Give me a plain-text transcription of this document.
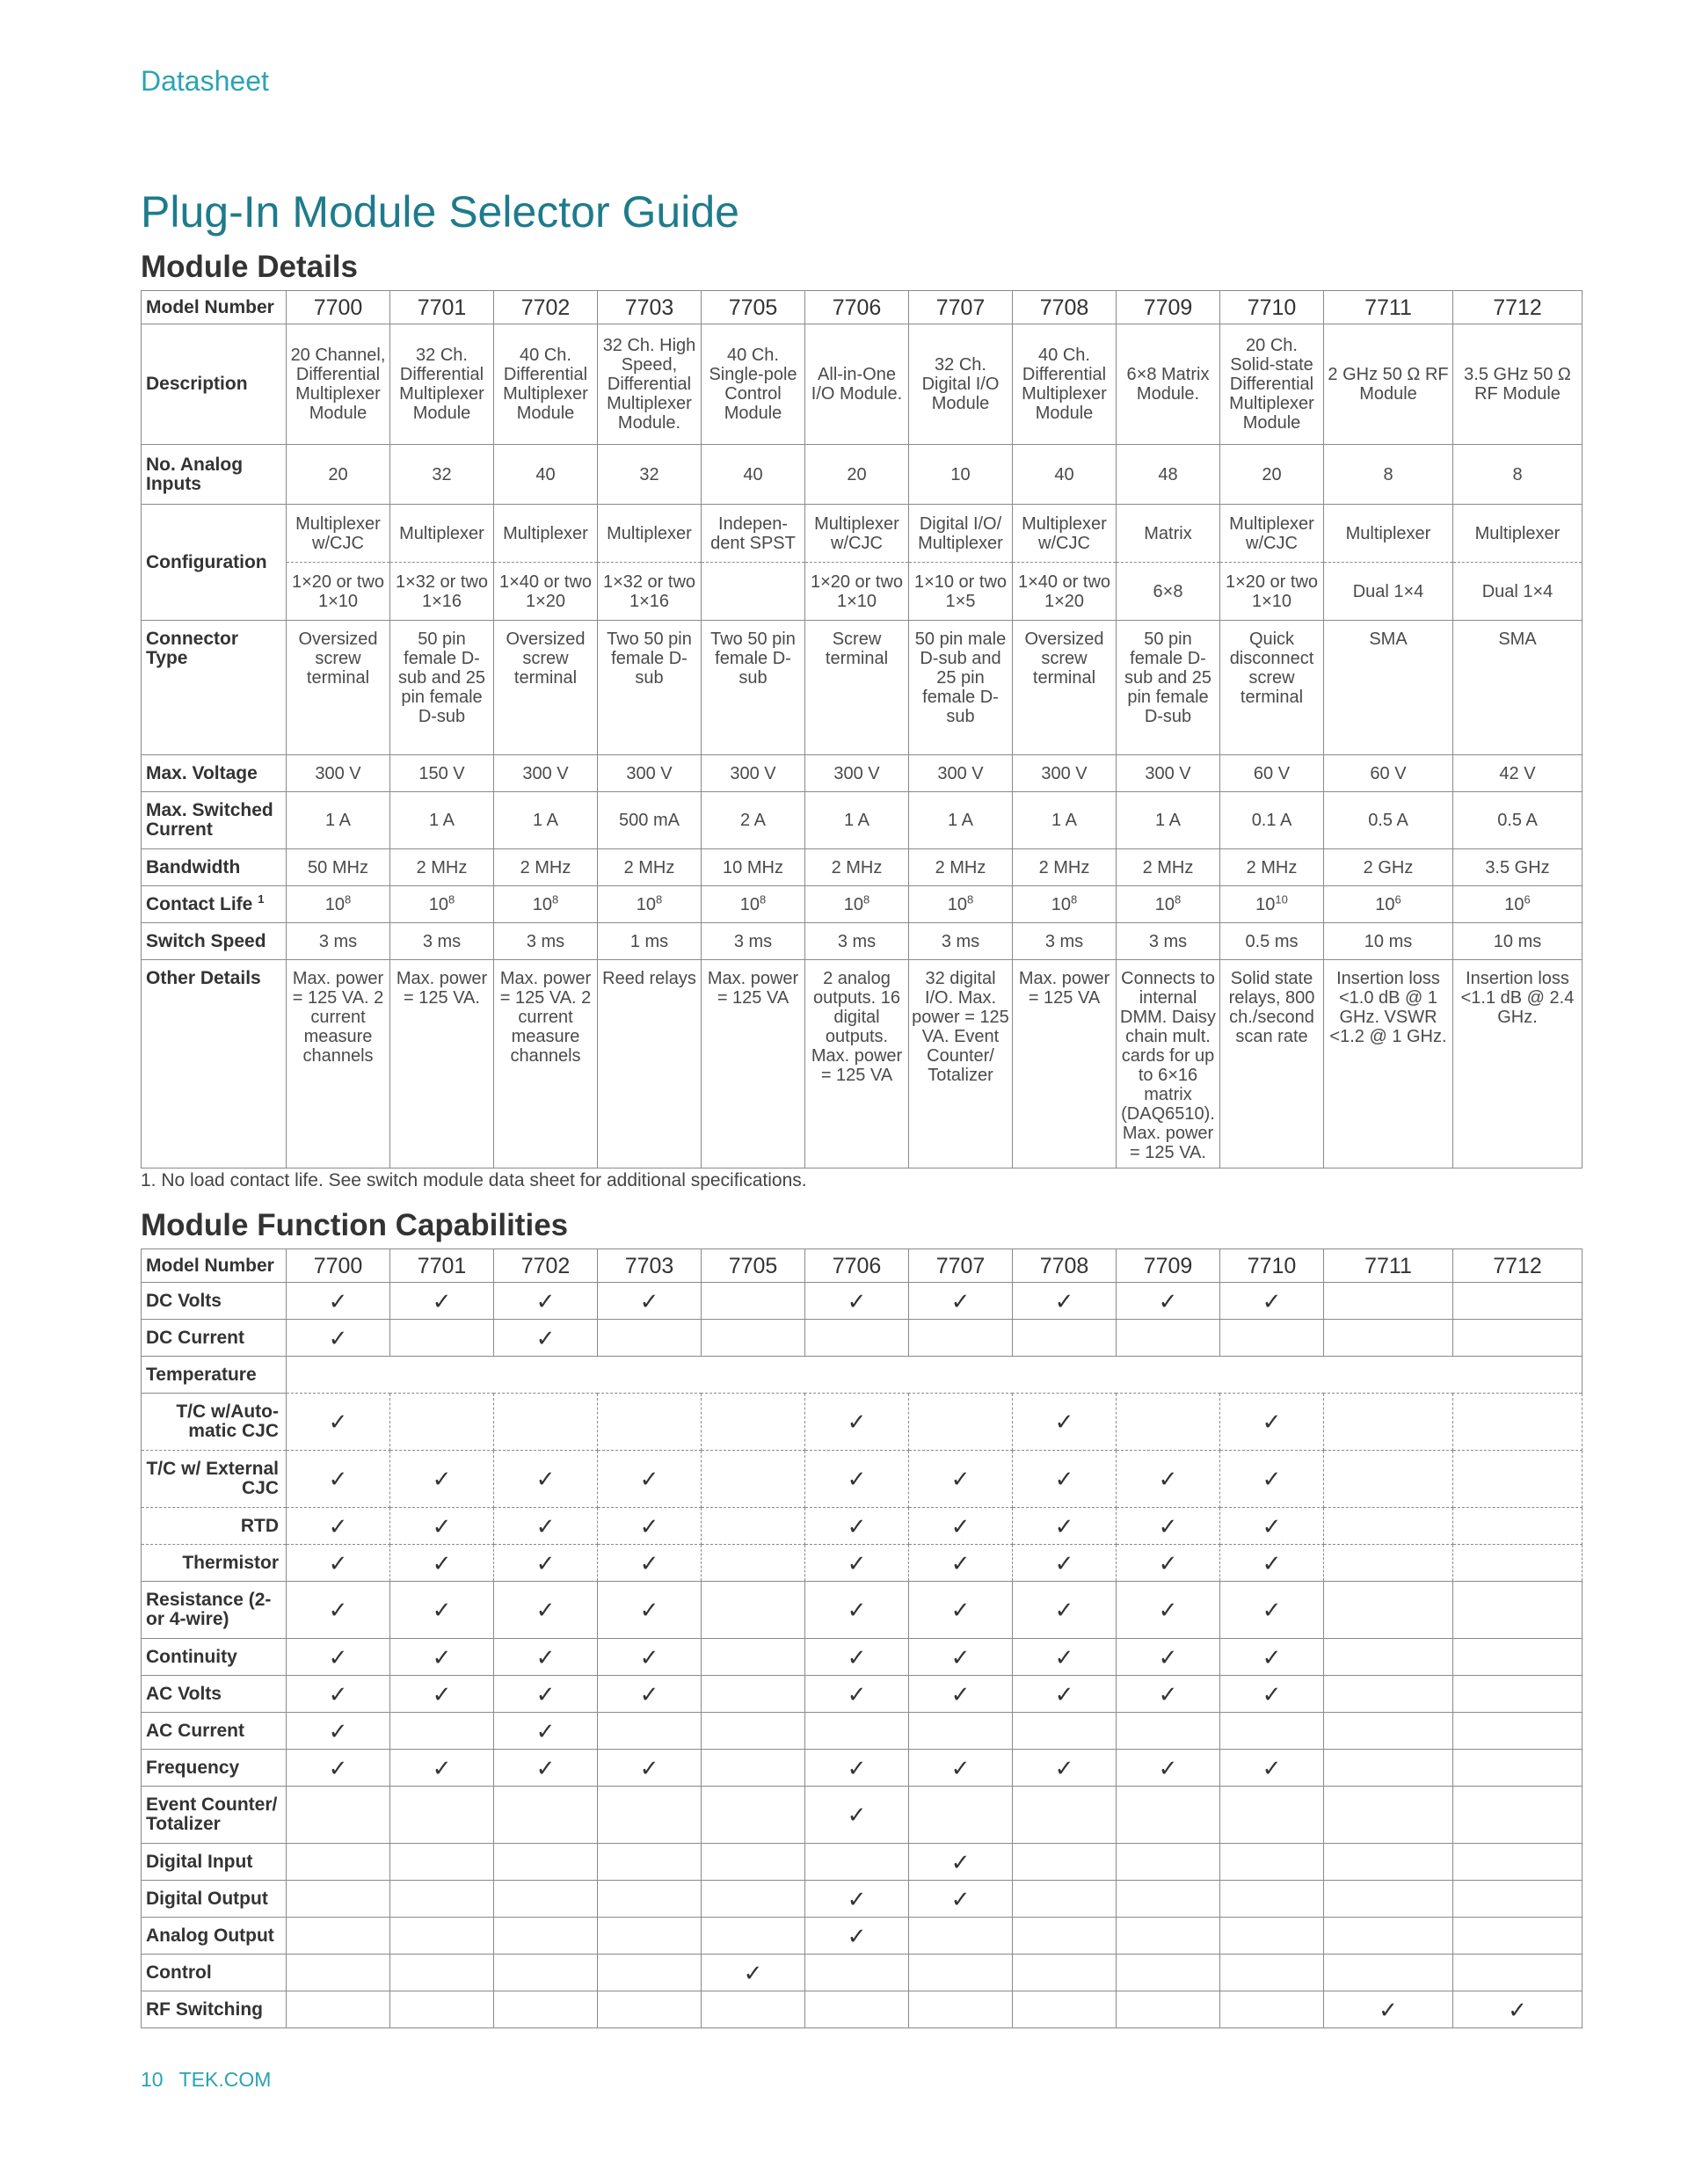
Datasheet
Plug-In Module Selector Guide
Module Details
Model Number	7700	7701	7702	7703	7705	7706	7707	7708	7709	7710	7711	7712
Description	20 Channel, Differential Multiplexer Module	32 Ch. Differential Multiplexer Module	40 Ch. Differential Multiplexer Module	32 Ch. High Speed, Differential Multiplexer Module.	40 Ch. Single-pole Control Module	All-in-One I/O Module.	32 Ch. Digital I/O Module	40 Ch. Differential Multiplexer Module	6×8 Matrix Module.	20 Ch. Solid-state Differential Multiplexer Module	2 GHz 50 Ω RF Module	3.5 GHz 50 Ω RF Module
No. Analog Inputs	20	32	40	32	40	20	10	40	48	20	8	8
Configuration	Multiplexer w/CJC	Multiplexer	Multiplexer	Multiplexer	Indepen-dent SPST	Multiplexer w/CJC	Digital I/O/ Multiplexer	Multiplexer w/CJC	Matrix	Multiplexer w/CJC	Multiplexer	Multiplexer
	1×20 or two 1×10	1×32 or two 1×16	1×40 or two 1×20	1×32 or two 1×16		1×20 or two 1×10	1×10 or two 1×5	1×40 or two 1×20	6×8	1×20 or two 1×10	Dual 1×4	Dual 1×4
Connector Type	Oversized screw terminal	50 pin female D-sub and 25 pin female D-sub	Oversized screw terminal	Two 50 pin female D-sub	Two 50 pin female D-sub	Screw terminal	50 pin male D-sub and 25 pin female D-sub	Oversized screw terminal	50 pin female D-sub and 25 pin female D-sub	Quick disconnect screw terminal	SMA	SMA
Max. Voltage	300 V	150 V	300 V	300 V	300 V	300 V	300 V	300 V	300 V	60 V	60 V	42 V
Max. Switched Current	1 A	1 A	1 A	500 mA	2 A	1 A	1 A	1 A	1 A	0.1 A	0.5 A	0.5 A
Bandwidth	50 MHz	2 MHz	2 MHz	2 MHz	10 MHz	2 MHz	2 MHz	2 MHz	2 MHz	2 MHz	2 GHz	3.5 GHz
Contact Life $^1$	$10^8$	$10^8$	$10^8$	$10^8$	$10^8$	$10^8$	$10^8$	$10^8$	$10^8$	$10^{10}$	$10^6$	$10^6$
Switch Speed	3 ms	3 ms	3 ms	1 ms	3 ms	3 ms	3 ms	3 ms	3 ms	0.5 ms	10 ms	10 ms
Other Details	Max. power = 125 VA. 2 current measure channels	Max. power = 125 VA.	Max. power = 125 VA. 2 current measure channels	Reed relays	Max. power = 125 VA	2 analog outputs. 16 digital outputs. Max. power = 125 VA	32 digital I/O. Max. power = 125 VA. Event Counter/ Totalizer	Max. power = 125 VA	Connects to internal DMM. Daisy chain mult. cards for up to 6×16 matrix (DAQ6510). Max. power = 125 VA.	Solid state relays, 800 ch./second scan rate	Insertion loss <1.0 dB @ 1 GHz. VSWR <1.2 @ 1 GHz.	Insertion loss <1.1 dB @ 2.4 GHz.
1. No load contact life. See switch module data sheet for additional specifications.
Module Function Capabilities
Model Number	7700	7701	7702	7703	7705	7706	7707	7708	7709	7710	7711	7712
DC Volts	✓	✓	✓	✓		✓	✓	✓	✓	✓		
DC Current	✓		✓									
Temperature												
T/C w/Auto-matic CJC	✓					✓		✓		✓		
T/C w/ External CJC	✓	✓	✓	✓		✓	✓	✓	✓	✓		
RTD	✓	✓	✓	✓		✓	✓	✓	✓	✓		
Thermistor	✓	✓	✓	✓		✓	✓	✓	✓	✓		
Resistance (2- or 4-wire)	✓	✓	✓	✓		✓	✓	✓	✓	✓		
Continuity	✓	✓	✓	✓		✓	✓	✓	✓	✓		
AC Volts	✓	✓	✓	✓		✓	✓	✓	✓	✓		
AC Current	✓		✓									
Frequency	✓	✓	✓	✓		✓	✓	✓	✓	✓		
Event Counter/ Totalizer						✓						
Digital Input							✓					
Digital Output						✓	✓					
Analog Output						✓						
Control					✓							
RF Switching											✓	✓
10 TEK.COM
